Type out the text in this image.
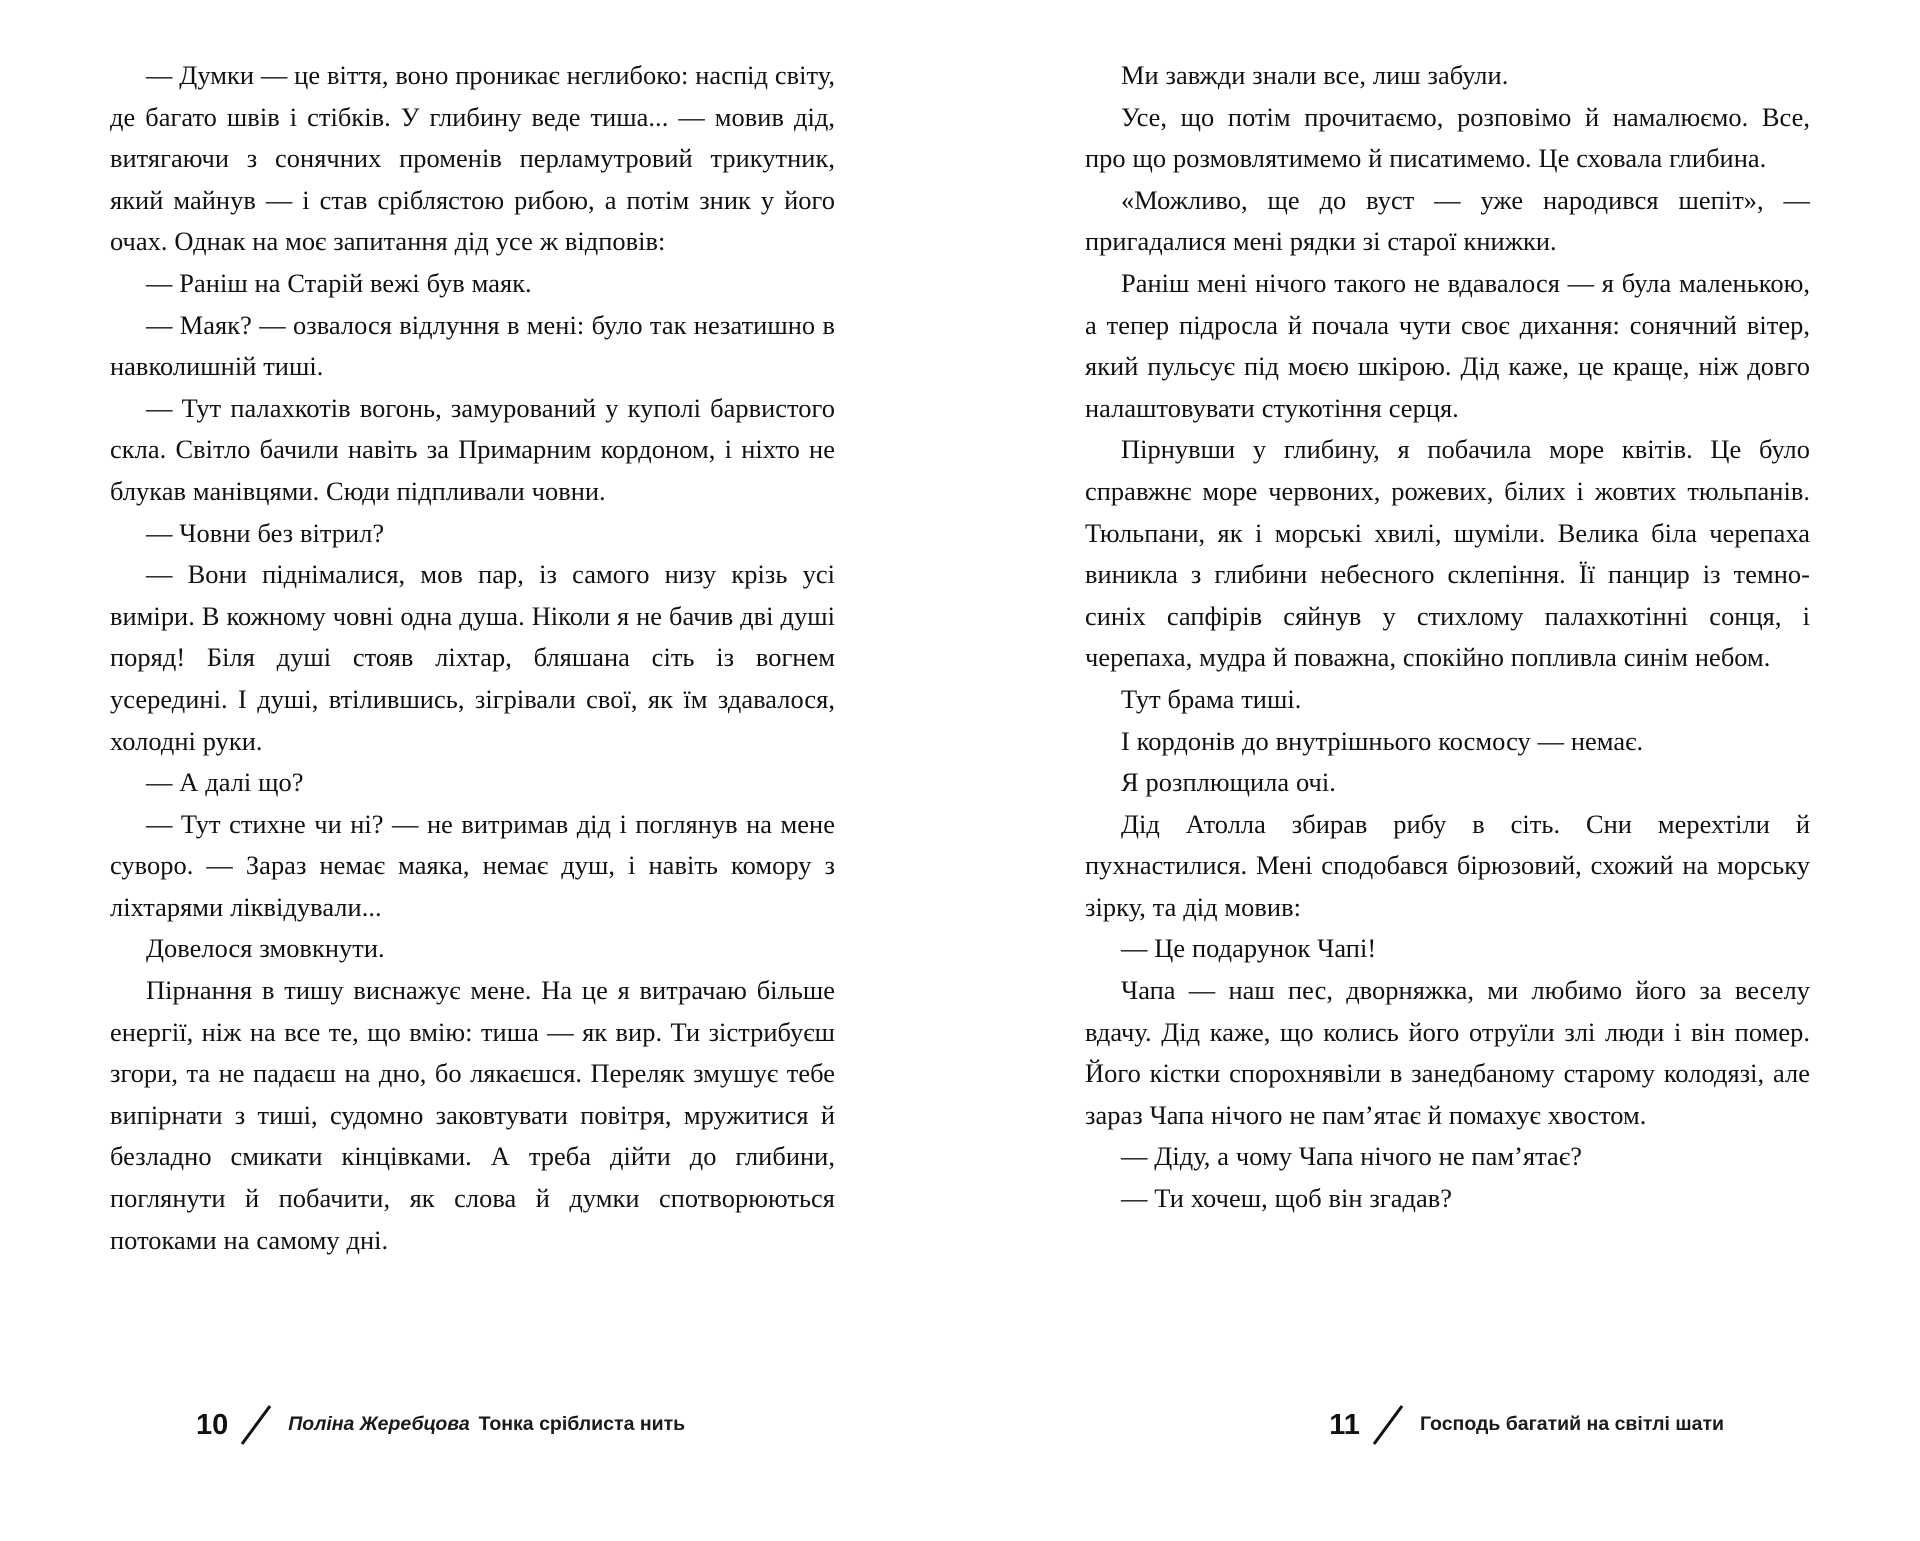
— Думки — це віття, воно проникає неглибоко: наспід світу, де багато швів і стібків. У глибину веде тиша... — мовив дід, витягаючи з сонячних променів перламутровий трикутник, який майнув — і став сріблястою рибою, а потім зник у його очах. Однак на моє запитання дід усе ж відповів:

— Раніш на Старій вежі був маяк.

— Маяк? — озвалося відлуння в мені: було так незатишно в навколишній тиші.

— Тут палахкотів вогонь, замурований у куполі барвистого скла. Світло бачили навіть за Примарним кордоном, і ніхто не блукав манівцями. Сюди підпливали човни.

— Човни без вітрил?

— Вони піднімалися, мов пар, із самого низу крізь усі виміри. В кожному човні одна душа. Ніколи я не бачив дві душі поряд! Біля душі стояв ліхтар, бляшана сіть із вогнем усередині. І душі, втілившись, зігрівали свої, як їм здавалося, холодні руки.

— А далі що?

— Тут стихне чи ні? — не витримав дід і поглянув на мене суворо. — Зараз немає маяка, немає душ, і навіть комору з ліхтарями ліквідували...

Довелося змовкнути.

Пірнання в тишу виснажує мене. На це я витрачаю більше енергії, ніж на все те, що вмію: тиша — як вир. Ти зістрибуєш згори, та не падаєш на дно, бо лякаєшся. Переляк змушує тебе випірнати з тиші, судомно заковтувати повітря, мружитися й безладно смикати кінцівками. А треба дійти до глибини, поглянути й побачити, як слова й думки спотворюються потоками на самому дні.

10	Поліна Жеребцова Тонка сріблиста нить

Ми завжди знали все, лиш забули.

Усе, що потім прочитаємо, розповімо й намалюємо. Все, про що розмовлятимемо й писатимемо. Це сховала глибина.

«Можливо, ще до вуст — уже народився шепіт», — пригадалися мені рядки зі старої книжки.

Раніш мені нічого такого не вдавалося — я була маленькою, а тепер підросла й почала чути своє дихання: сонячний вітер, який пульсує під моєю шкірою. Дід каже, це краще, ніж довго налаштовувати стукотіння серця.

Пірнувши у глибину, я побачила море квітів. Це було справжнє море червоних, рожевих, білих і жовтих тюльпанів. Тюльпани, як і морські хвилі, шуміли. Велика біла черепаха виникла з глибини небесного склепіння. Її панцир із темно-синіх сапфірів сяйнув у стихлому палахкотінні сонця, і черепаха, мудра й поважна, спокійно попливла синім небом.

Тут брама тиші.

І кордонів до внутрішнього космосу — немає.

Я розплющила очі.

Дід Атолла збирав рибу в сіть. Сни мерехтіли й пухнастилися. Мені сподобався бірюзовий, схожий на морську зірку, та дід мовив:

— Це подарунок Чапі!

Чапа — наш пес, дворняжка, ми любимо його за веселу вдачу. Дід каже, що колись його отруїли злі люди і він помер. Його кістки спорохнявіли в занедбаному старому колодязі, але зараз Чапа нічого не пам’ятає й помахує хвостом.

— Діду, а чому Чапа нічого не пам’ятає?

— Ти хочеш, щоб він згадав?

11	Господь багатий на світлі шати
